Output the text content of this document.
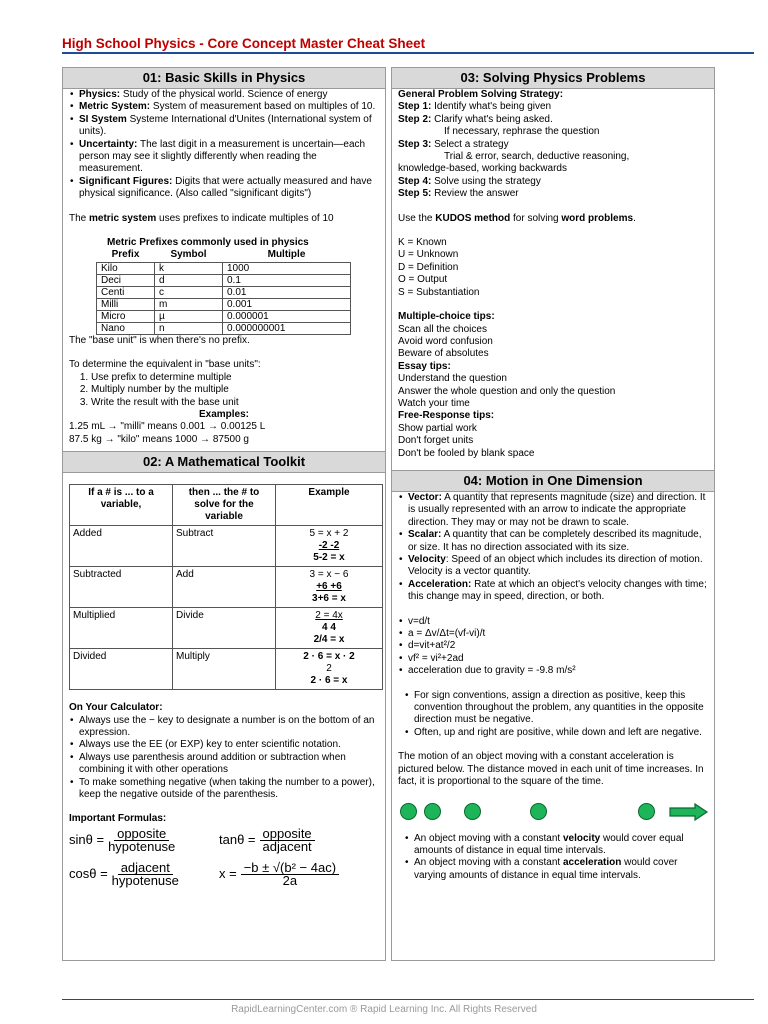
High School Physics - Core Concept Master Cheat Sheet
01: Basic Skills in Physics
• Physics: Study of the physical world. Science of energy
• Metric System: System of measurement based on multiples of 10.
• SI System Systeme International d'Unites (International system of units).
• Uncertainty: The last digit in a measurement is uncertain—each person may see it slightly differently when reading the measurement.
• Significant Figures: Digits that were actually measured and have physical significance. (Also called "significant digits")
The metric system uses prefixes to indicate multiples of 10
Metric Prefixes commonly used in physics
Prefix	Symbol	Multiple
Kilo	k	1000
Deci	d	0.1
Centi	c	0.01
Milli	m	0.001
Micro	µ	0.000001
Nano	n	0.000000001
The "base unit" is when there's no prefix.
To determine the equivalent in "base units":
1. Use prefix to determine multiple
2. Multiply number by the multiple
3. Write the result with the base unit
Examples:
1.25 mL → "milli" means 0.001 → 0.00125 L
87.5 kg → "kilo" means 1000 → 87500 g
02: A Mathematical Toolkit
If a # is ... to a variable,	then ... the # to solve for the variable	Example
Added	Subtract	5 = x + 2
-2 -2
5-2 = x

Subtracted	Add	3 = x − 6
+6 +6
3+6 = x

Multiplied	Divide	2 = 4x
4 4
2/4 = x

Divided	Multiply	2 · 6 = x · 2
2
2 · 6 = x
On Your Calculator:
• Always use the − key to designate a number is on the bottom of an expression.
• Always use the EE (or EXP) key to enter scientific notation.
• Always use parenthesis around addition or subtraction when combining it with other operations
• To make something negative (when taking the number to a power), keep the negative outside of the parenthesis.
Important Formulas:
$\sin\theta = \frac{\text{opposite}}{\text{hypotenuse}}$	$\tan\theta = \frac{\text{opposite}}{\text{adjacent}}$
$\cos\theta = \frac{\text{adjacent}}{\text{hypotenuse}}$	$x = \frac{\text{−b ± √(b² − 4ac)}}{2a}$
03: Solving Physics Problems
General Problem Solving Strategy:
Step 1: Identify what's being given
Step 2: Clarify what's being asked.
If necessary, rephrase the question
Step 3: Select a strategy
Trial & error, search, deductive reasoning,
knowledge-based, working backwards
Step 4: Solve using the strategy
Step 5: Review the answer
Use the KUDOS method for solving word problems.
K = Known
U = Unknown
D = Definition
O = Output
S = Substantiation
Multiple-choice tips:
Scan all the choices
Avoid word confusion
Beware of absolutes
Essay tips:
Understand the question
Answer the whole question and only the question
Watch your time
Free-Response tips:
Show partial work
Don't forget units
Don't be fooled by blank space
04: Motion in One Dimension
• Vector: A quantity that represents magnitude (size) and direction. It is usually represented with an arrow to indicate the appropriate direction. They may or may not be drawn to scale.
• Scalar: A quantity that can be completely described its magnitude, or size. It has no direction associated with its size.
• Velocity: Speed of an object which includes its direction of motion. Velocity is a vector quantity.
• Acceleration: Rate at which an object's velocity changes with time; this change may in speed, direction, or both.
• v=d/t
• a = Δv/Δt=(vf-vi)/t
• d=vit+at²/2
• vf² = vi²+2ad
• acceleration due to gravity = -9.8 m/s²
• For sign conventions, assign a direction as positive, keep this convention throughout the problem, any quantities in the opposite direction must be negative.
• Often, up and right are positive, while down and left are negative.
The motion of an object moving with a constant acceleration is pictured below. The distance moved in each unit of time increases. In fact, it is proportional to the square of the time.
• An object moving with a constant velocity would cover equal amounts of distance in equal time intervals.
• An object moving with a constant acceleration would cover varying amounts of distance in equal time intervals.
RapidLearningCenter.com ® Rapid Learning Inc. All Rights Reserved
